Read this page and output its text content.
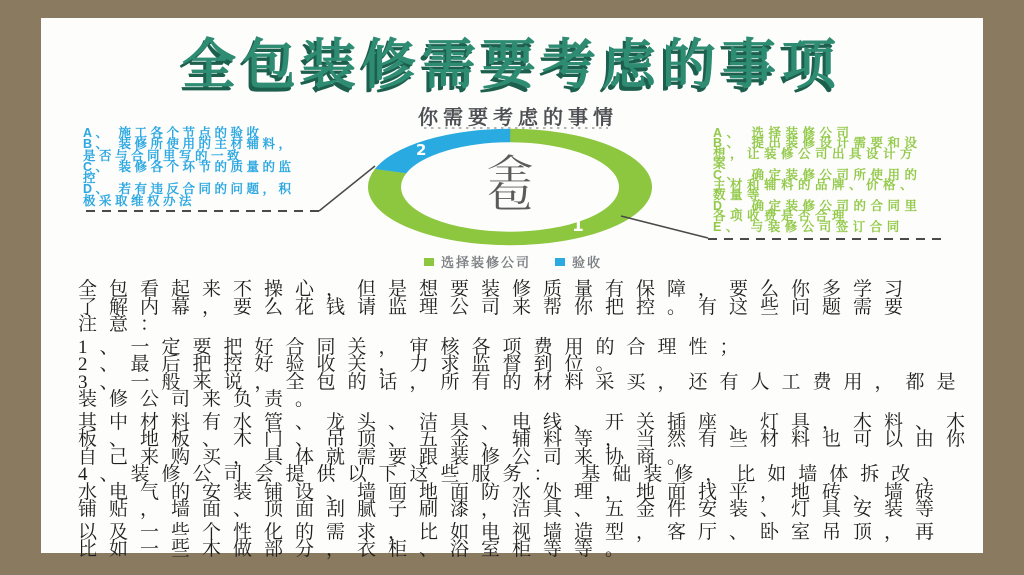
全包装修需要考虑的事项
你需要考虑的事情
全
包
1
2
选择装修公司	验收
A、 施工各个节点的验收
B、 装修所使用的主材辅料，
是否与合同里写的一致
C、 装修各个环节的质量的监
控
D、 若有违反合同的问题，积
极采取维权办法
A、 选择装修公司
B、 提出装修设计需要和设
想，让装修公司出具设计方
案
C、 确定装修公司所使用的
主材和辅料的品牌、价格、
数量等
D 、确定装修公司的合同里
各项收费是否合理
E、 与装修公司签订合同
全包看起来不操心，但是想要装修质量有保障，要么你多学习
了解内幕，要么花钱请监理公司来帮你把控。有这些问题需要
注意：
1、一定要把好合同关，审核各项费用的合理性；
2、最后把控好验收关，力求监督到位。
3、一般来说，全包的话，所有的材料采买，还有人工费用，都是
装修公司来负责。
其中材料有水管、龙头、洁具、电线、开关插座、灯具，木料、木
板、地板、木门、吊顶、五金、辅料等，当然有些材料也可以由你
自己来购买，具体就需要跟装修公司来协商。
4、装修公司会提供以下这些服务： 基础装修，比如墙体拆改、
水电气的安装铺设、墙面地面防水处理，地面找平，地砖、墙砖
铺贴，墙面、顶面刮腻子刷漆，洁具、五金件安装、灯具安装等
以及一些个性化的需求，比如电视墙造型，客厅、卧室吊顶，再
比如一些木做部分，衣柜、浴室柜等等。
